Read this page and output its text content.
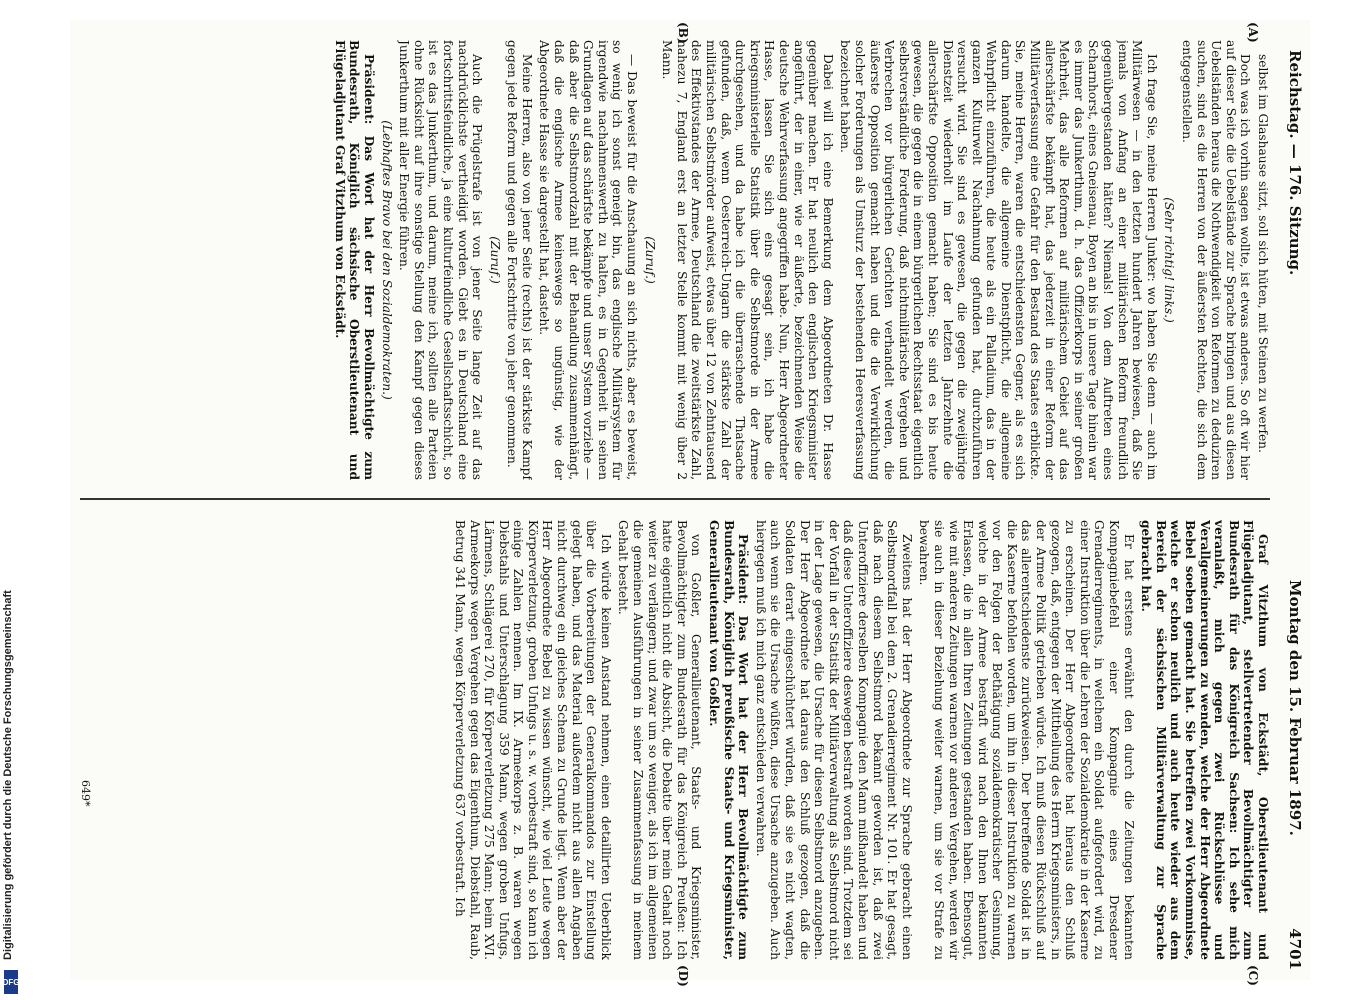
Digitalisierung gefördert durch die Deutsche Forschungsgemeinschaft
DFG
Reichstag. — 176. Sitzung.
Montag den 15. Februar 1897.
4701
(A)
(B)
(C)
(D)

selbst im Glashause sitzt, soll sich hüten, mit Steinen zu werfen.

Doch was ich vorhin sagen wollte, ist etwas anderes. So oft wir hier auf dieser Seite die Uebelstände zur Sprache bringen und aus diesen Uebelständen heraus die Nothwendigkeit von Reformen zu deduziren suchen, sind es die Herren von der äußersten Rechten, die sich dem entgegenstellen.

(Sehr richtig! links.)

Ich frage Sie, meine Herren Junker: wo haben Sie denn — auch im Militärwesen — in den letzten hundert Jahren bewiesen, daß Sie jemals von Anfang an einer militärischen Reform freundlich gegenübergestanden hätten? Niemals! Von dem Auftreten eines Scharnhorst, eines Gneisenau, Boyen an bis in unsere Tage hinein war es immer das Junkerthum, d. h. das Offizierkorps in seiner großen Mehrheit, das alle Reformen auf militärischem Gebiet auf das allerschärfste bekämpft hat, das jederzeit in einer Reform der Militärverfassung eine Gefahr für den Bestand des Staates erblickte. Sie, meine Herren, waren die entschiedensten Gegner, als es sich darum handelte, die allgemeine Dienstpflicht, die allgemeine Wehrpflicht einzuführen, die heute als ein Palladium, das in der ganzen Kulturwelt Nachahmung gefunden hat, durchzuführen versucht wird. Sie sind es gewesen, die gegen die zweijährige Dienstzeit wiederholt im Laufe der letzten Jahrzehnte die allerschärfste Opposition gemacht haben; Sie sind es bis heute gewesen, die gegen die in einem bürgerlichen Rechtsstaat eigentlich selbstverständliche Forderung, daß nichtmilitärische Vergehen und Verbrechen vor bürgerlichen Gerichten verhandelt werden, die äußerste Opposition gemacht haben und die die Verwirklichung solcher Forderungen als Umsturz der bestehenden Heeresverfassung bezeichnet haben.

Dabei will ich eine Bemerkung dem Abgeordneten Dr. Hasse gegenüber machen. Er hat neulich den englischen Kriegsminister angeführt, der in einer, wie er äußerte, bezeichnenden Weise die deutsche Wehrverfassung angegriffen habe. Nun, Herr Abgeordneter Hasse, lassen Sie sich eins gesagt sein, ich habe die kriegsministerielle Statistik über die Selbstmorde in der Armee durchgesehen, und da habe ich die überraschende Thatsache gefunden, daß, wenn Oesterreich-Ungarn die stärkste Zahl der militärischen Selbstmörder aufweist, etwas über 12 von Zehntausend des Effektivstandes der Armee, Deutschland die zweitstärkste Zahl, nahezu 7, England erst an letzter Stelle kommt mit wenig über 2 Mann.

(Zuruf.)

— Das beweist für die Anschauung an sich nichts, aber es beweist, so wenig ich sonst geneigt bin, das englische Militärsystem für irgendwie nachahmenswerth zu halten, es in Gegenheit in seinen Grundlagen auf das schärfste bekämpfe und unser System vorziehe — daß aber die Selbstmordzahl mit der Behandlung zusammenhängt, daß die englische Armee keineswegs so ungünstig, wie der Abgeordnete Hasse sie dargestellt hat, dasteht.

Meine Herren, also von jener Seite (rechts) ist der stärkste Kampf gegen jede Reform und gegen alle Fortschritte von jeher genommen.

(Zuruf.)

Auch die Prügelstrafe ist von jener Seite lange Zeit auf das nachdrücklichste vertheidigt worden. Giebt es in Deutschland eine fortschrittsfeindliche, ja eine kulturfeindliche Gesellschaftsschicht, so ist es das Junkerthum, und darum, meine ich, sollten alle Parteien ohne Rücksicht auf ihre sonstige Stellung den Kampf gegen dieses Junkerthum mit aller Energie führen.

(Lebhaftes Bravo bei den Sozialdemokraten.)

Präsident: Das Wort hat der Herr Bevollmächtigte zum Bundesrath, Königlich sächsische Oberstlieutenant und Flügeladjutant Graf Vitzthum von Eckstädt.

Graf Vitzthum von Eckstädt, Oberstlieutenant und Flügeladjutant, stellvertretender Bevollmächtigter zum Bundesrath für das Königreich Sachsen: Ich sehe mich veranlaßt, mich gegen zwei Rückschlüsse und Verallgemeinerungen zu wenden, welche der Herr Abgeordnete Bebel soeben gemacht hat. Sie betreffen zwei Vorkommnisse, welche er schon neulich und auch heute wieder aus dem Bereich der sächsischen Militärverwaltung zur Sprache gebracht hat.

Er hat erstens erwähnt den durch die Zeitungen bekannten Kompagniebefehl einer Kompagnie eines Dresdener Grenadierregiments, in welchem ein Soldat aufgefordert wird, zu einer Instruktion über die Lehren der Sozialdemokratie in der Kaserne zu erscheinen. Der Herr Abgeordnete hat hieraus den Schluß gezogen, daß, entgegen der Mittheilung des Herrn Kriegsministers, in der Armee Politik getrieben würde. Ich muß diesen Rückschluß auf das allerentschiedenste zurückweisen. Der betreffende Soldat ist in die Kaserne befohlen worden, um ihn in dieser Instruktion zu warnen vor den Folgen der Bethätigung sozialdemokratischer Gesinnung, welche in der Armee bestraft wird nach den Ihnen bekannten Erlassen, die in allen Ihren Zeitungen gestanden haben. Ebensogut, wie mit anderen Zeitungen warnen vor anderen Vergehen, werden wir sie auch in dieser Beziehung weiter warnen, um sie vor Strafe zu bewahren.

Zweitens hat der Herr Abgeordnete zur Sprache gebracht einen Selbstmordfall bei dem 2. Grenadierregiment Nr. 101. Er hat gesagt, daß nach diesem Selbstmord bekannt geworden ist, daß zwei Unteroffiziere derselben Kompagnie den Mann mißhandelt haben und daß diese Unteroffiziere deswegen bestraft worden sind. Trotzdem sei der Vorfall in der Statistik der Militärverwaltung als Selbstmord nicht in der Lage gewesen, die Ursache für diesen Selbstmord anzugeben. Der Herr Abgeordnete hat daraus den Schluß gezogen, daß die Soldaten derart eingeschüchtert würden, daß sie es nicht wagten, auch wenn sie die Ursache wüßten, diese Ursache anzugeben. Auch hiergegen muß ich mich ganz entschieden verwahren.

Präsident: Das Wort hat der Herr Bevollmächtigte zum Bundesrath, Königlich preußische Staats- und Kriegsminister, Generallieutenant von Goßler.

von Goßler, Generallieutenant, Staats- und Kriegsminister, Bevollmächtigter zum Bundesrath für das Königreich Preußen: Ich hatte eigentlich nicht die Absicht, die Debatte über mein Gehalt noch weiter zu verlängern; und zwar um so weniger, als ich im allgemeinen die gemeinen Ausführungen in seiner Zusammenfassung in meinem Gehalt besteht.

Ich würde keinen Anstand nehmen, einen detaillirten Ueberblick über die Vorbereitungen der Generalkommandos zur Einstellung gelegt haben, und das Material außerdem nicht aus allen Angaben nicht durchweg ein gleiches Schema zu Grunde liegt. Wenn aber der Herr Abgeordnete Bebel zu wissen wünscht, wie viel Leute wegen Körperverletzung, groben Unfugs u. s. w. vorbestraft sind, so kann ich einige Zahlen nennen. Im IX. Armeekorps z. B. waren wegen Diebstahls und Unterschlagung 359 Mann, wegen groben Unfugs, Lärmens, Schlägerei 270, für Körperverletzung 275 Mann; beim XVI. Armeekorps wegen Vergehen gegen das Eigenthum, Diebstahl, Raub, Betrug 341 Mann, wegen Körperverletzung 637 vorbestraft. Ich

649*
